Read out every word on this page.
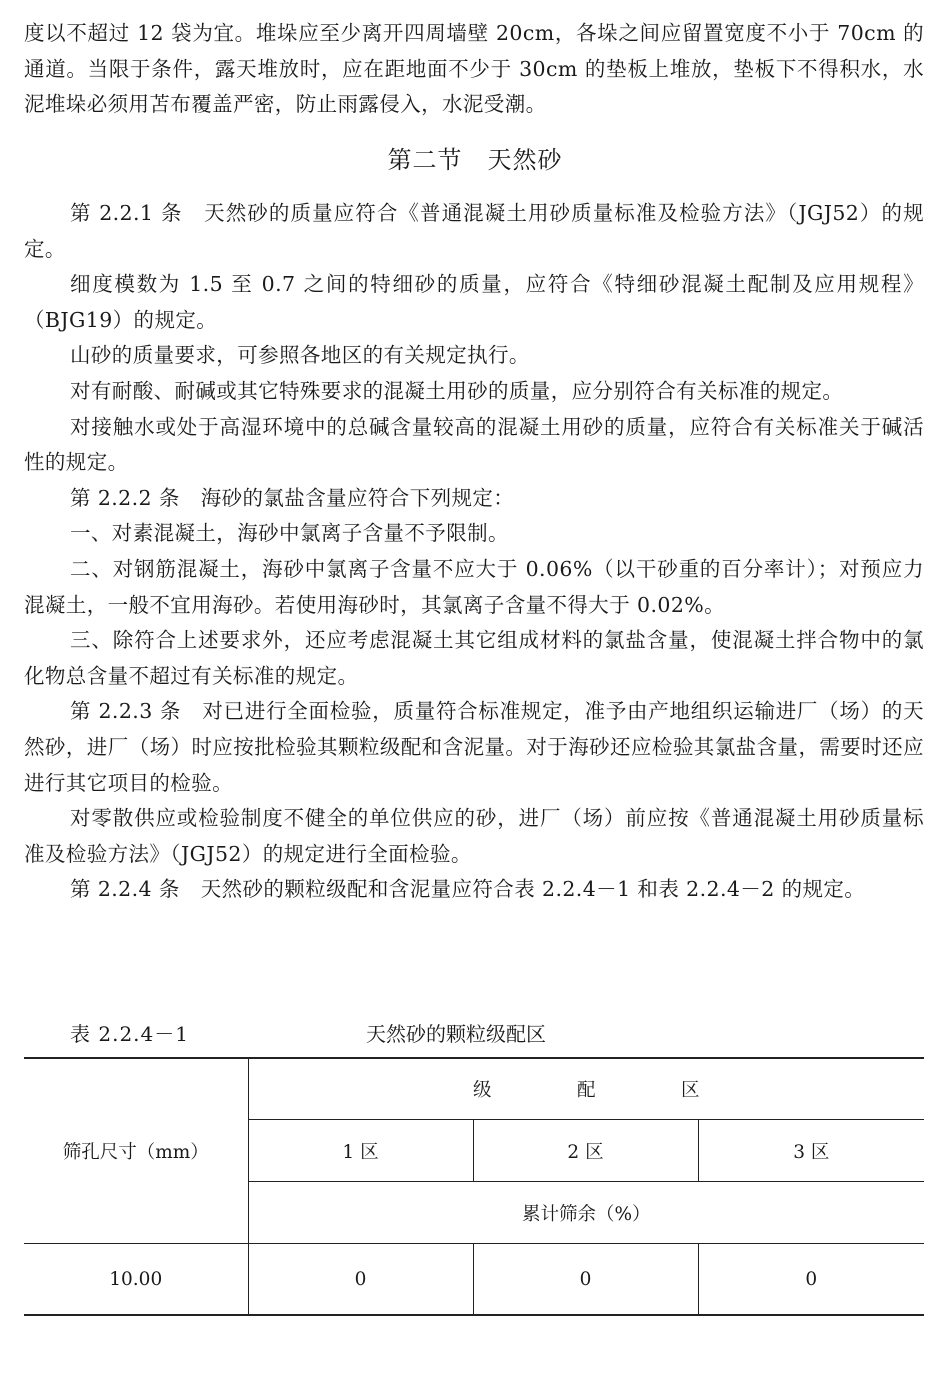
度以不超过 12 袋为宜。堆垛应至少离开四周墙壁 20cm，各垛之间应留置宽度不小于 70cm 的通道。当限于条件，露天堆放时，应在距地面不少于 30cm 的垫板上堆放，垫板下不得积水，水泥堆垛必须用苫布覆盖严密，防止雨露侵入，水泥受潮。

第二节　天然砂

第 2.2.1 条　天然砂的质量应符合《普通混凝土用砂质量标准及检验方法》（JGJ52）的规定。

细度模数为 1.5 至 0.7 之间的特细砂的质量，应符合《特细砂混凝土配制及应用规程》（BJG19）的规定。

山砂的质量要求，可参照各地区的有关规定执行。

对有耐酸、耐碱或其它特殊要求的混凝土用砂的质量，应分别符合有关标准的规定。

对接触水或处于高湿环境中的总碱含量较高的混凝土用砂的质量，应符合有关标准关于碱活性的规定。

第 2.2.2 条　海砂的氯盐含量应符合下列规定：

一、对素混凝土，海砂中氯离子含量不予限制。

二、对钢筋混凝土，海砂中氯离子含量不应大于 0.06%（以干砂重的百分率计）；对预应力混凝土，一般不宜用海砂。若使用海砂时，其氯离子含量不得大于 0.02%。

三、除符合上述要求外，还应考虑混凝土其它组成材料的氯盐含量，使混凝土拌合物中的氯化物总含量不超过有关标准的规定。

第 2.2.3 条　对已进行全面检验，质量符合标准规定，准予由产地组织运输进厂（场）的天然砂，进厂（场）时应按批检验其颗粒级配和含泥量。对于海砂还应检验其氯盐含量，需要时还应进行其它项目的检验。

对零散供应或检验制度不健全的单位供应的砂，进厂（场）前应按《普通混凝土用砂质量标准及检验方法》（JGJ52）的规定进行全面检验。

第 2.2.4 条　天然砂的颗粒级配和含泥量应符合表 2.2.4－1 和表 2.2.4－2 的规定。

表 2.2.4－1	天然砂的颗粒级配区
筛孔尺寸（mm）	级 配 区		
	1 区	2 区	3 区
	累计筛余（%）		
10.00	0	0	0
